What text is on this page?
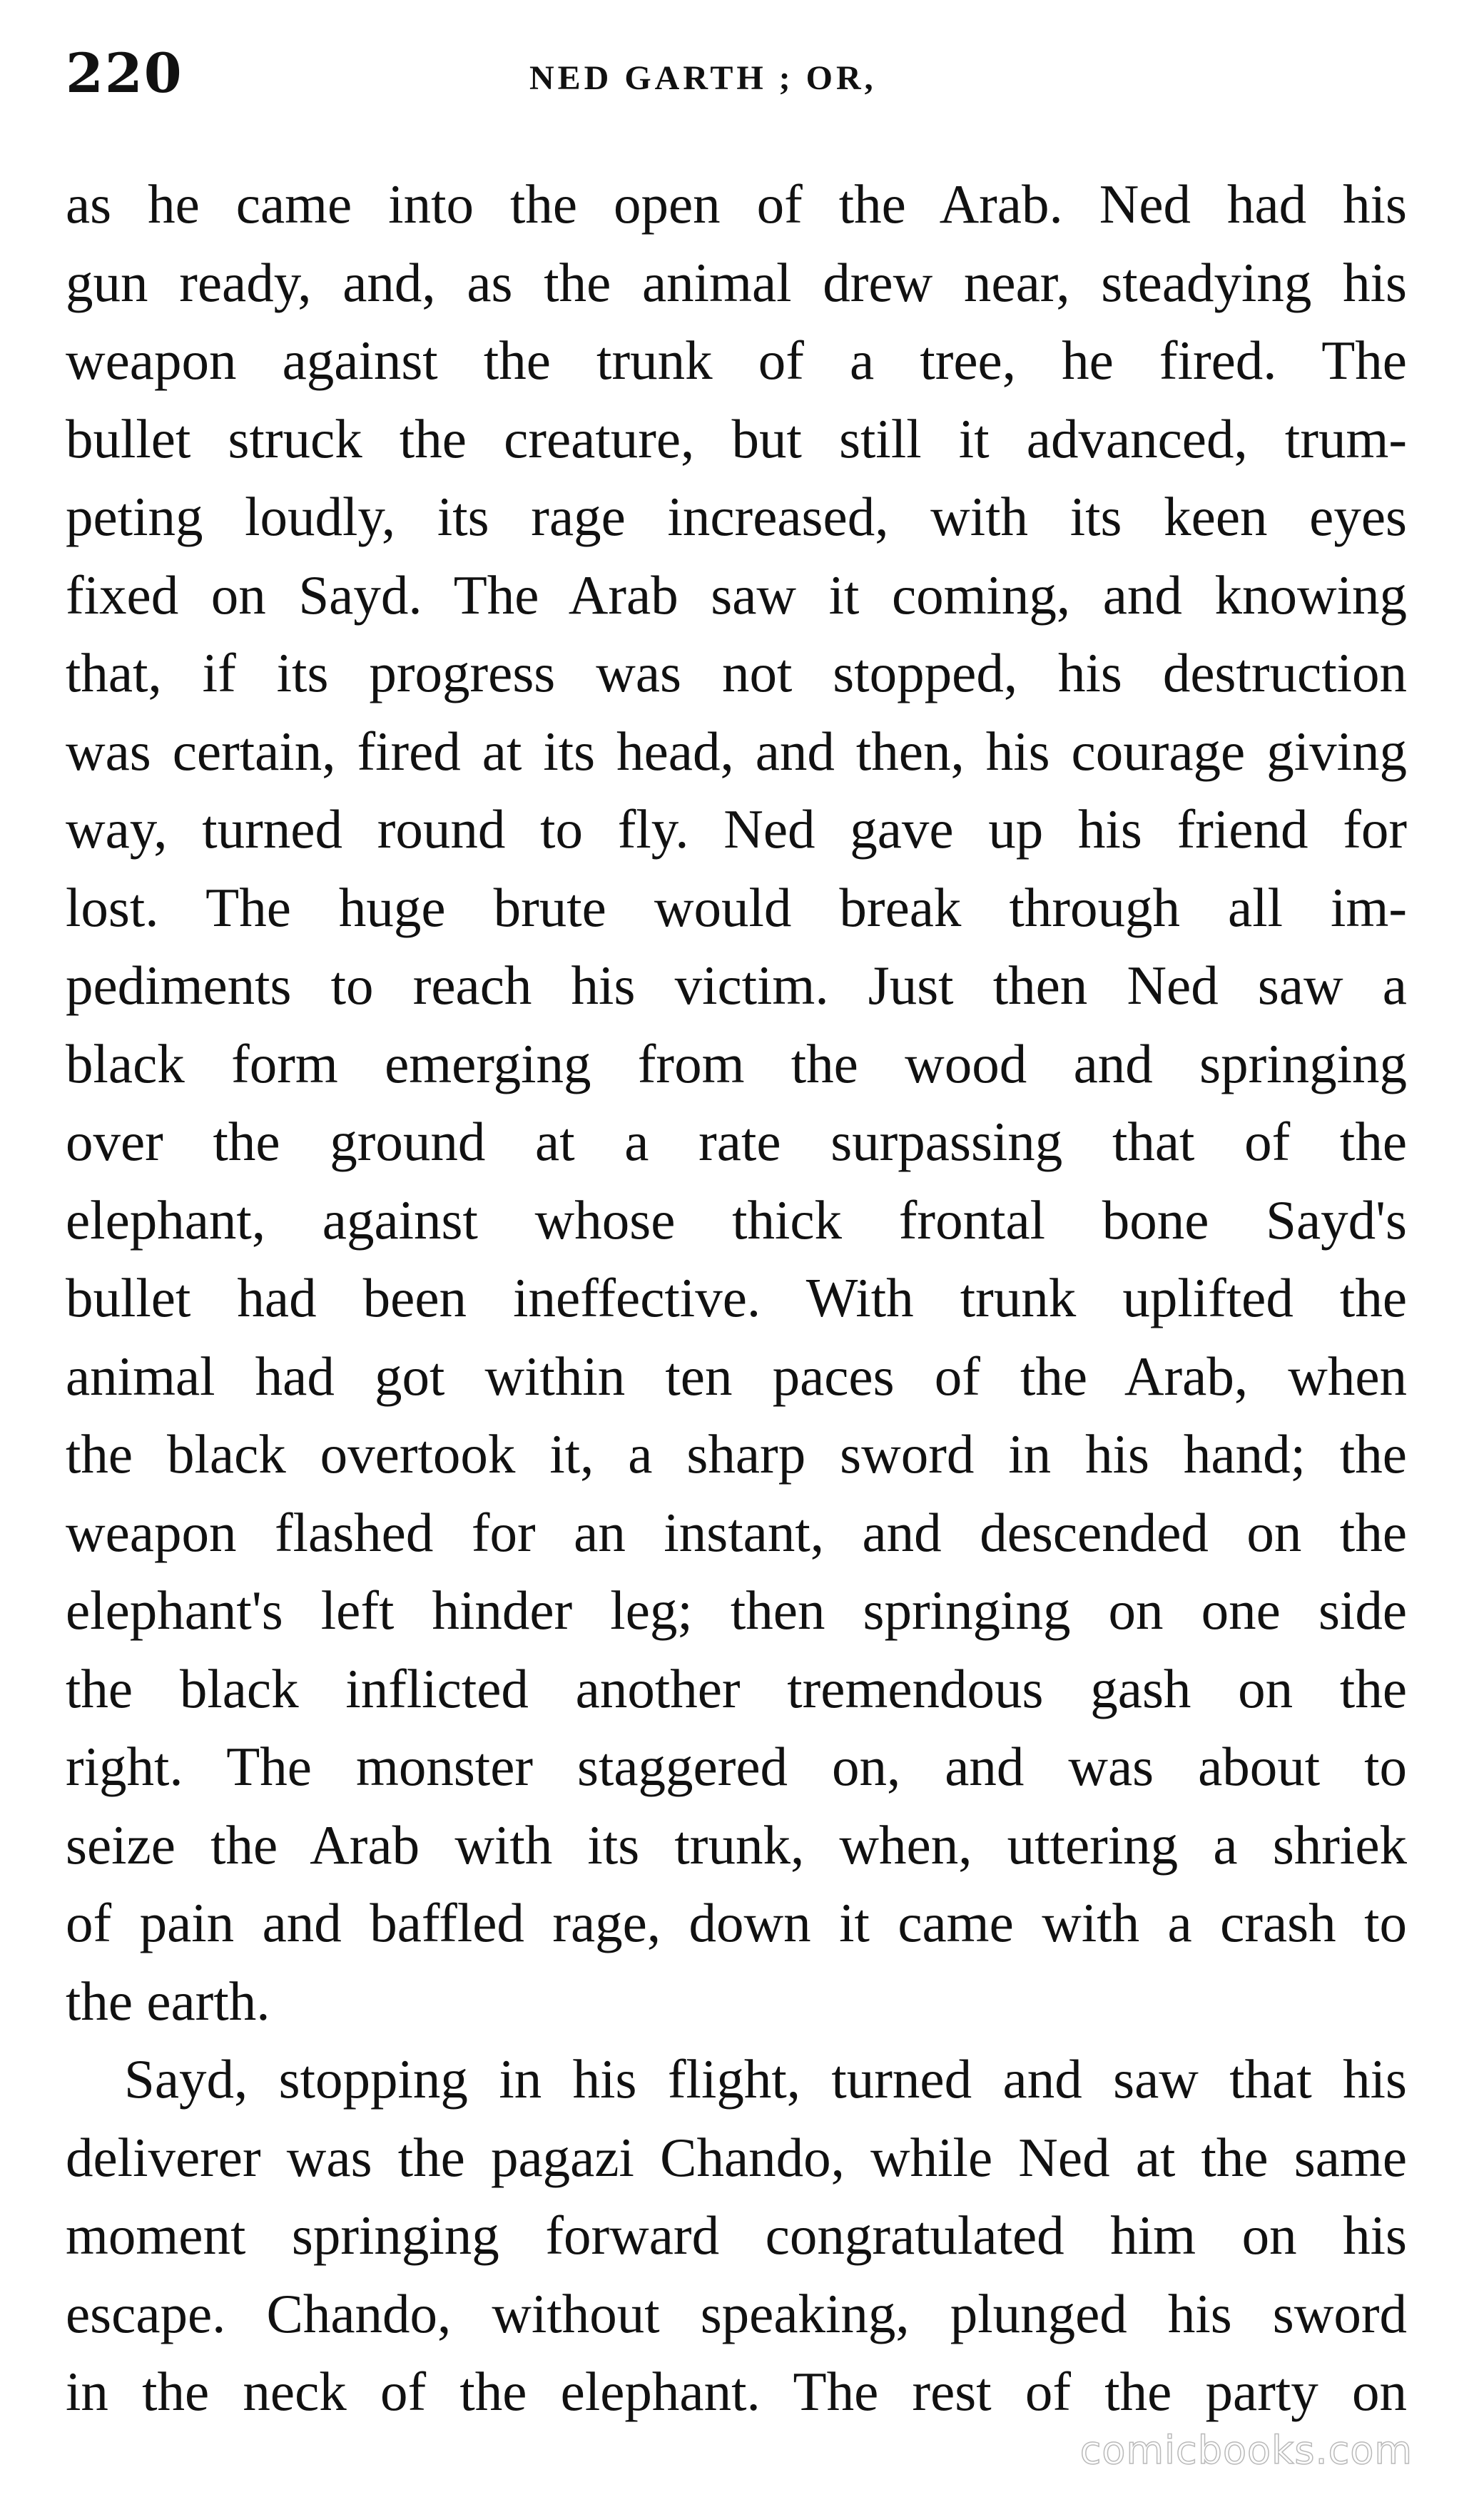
220	NED GARTH ; OR,
as he came into the open of the Arab. Ned had his
gun ready, and, as the animal drew near, steadying his
weapon against the trunk of a tree, he fired. The
bullet struck the creature, but still it advanced, trum-
peting loudly, its rage increased, with its keen eyes
fixed on Sayd. The Arab saw it coming, and knowing
that, if its progress was not stopped, his destruction
was certain, fired at its head, and then, his courage giving
way, turned round to fly. Ned gave up his friend for
lost. The huge brute would break through all im-
pediments to reach his victim. Just then Ned saw a
black form emerging from the wood and springing
over the ground at a rate surpassing that of the
elephant, against whose thick frontal bone Sayd's
bullet had been ineffective. With trunk uplifted the
animal had got within ten paces of the Arab, when
the black overtook it, a sharp sword in his hand; the
weapon flashed for an instant, and descended on the
elephant's left hinder leg; then springing on one side
the black inflicted another tremendous gash on the
right. The monster staggered on, and was about to
seize the Arab with its trunk, when, uttering a shriek
of pain and baffled rage, down it came with a crash to
the earth.
Sayd, stopping in his flight, turned and saw that his
deliverer was the pagazi Chando, while Ned at the same
moment springing forward congratulated him on his
escape. Chando, without speaking, plunged his sword
in the neck of the elephant. The rest of the party on
comicbooks.com
